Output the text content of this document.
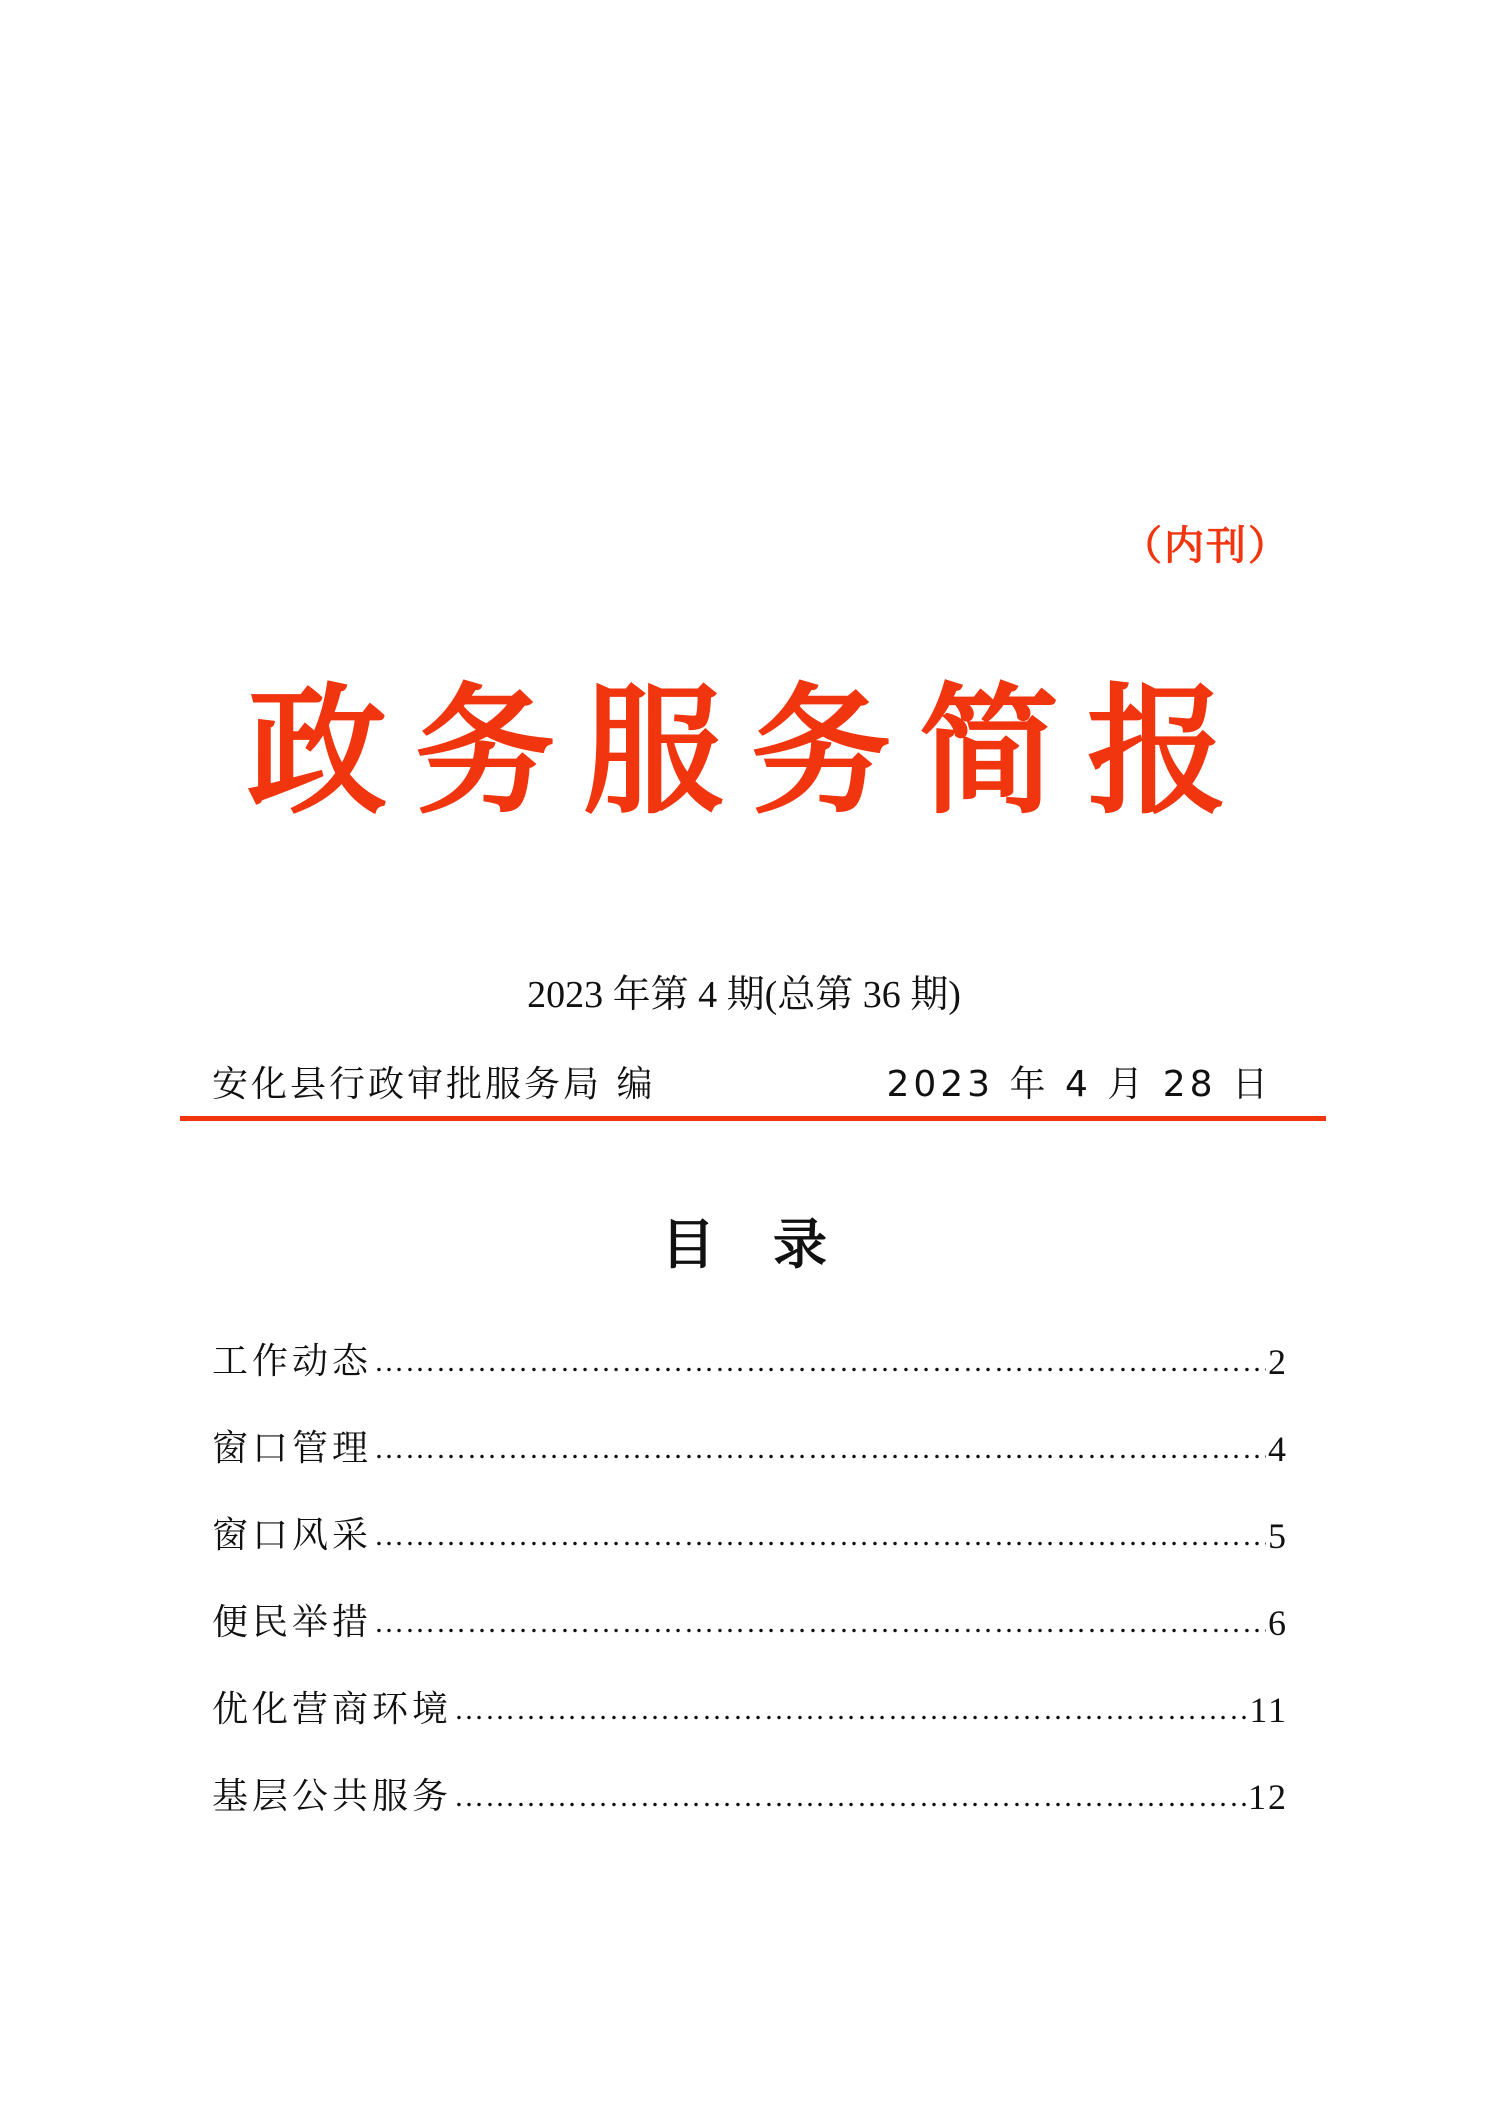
（内刊）
政务服务简报
2023 年第 4 期(总第 36 期)
安化县行政审批服务局 编	2023 年 4 月 28 日
目录
工作动态 …………………………………………………………………………………………………………………………	2
窗口管理 …………………………………………………………………………………………………………………………	4
窗口风采 …………………………………………………………………………………………………………………………	5
便民举措 …………………………………………………………………………………………………………………………	6
优化营商环境 …………………………………………………………………………………………………………………………	11
基层公共服务 …………………………………………………………………………………………………………………………	12
